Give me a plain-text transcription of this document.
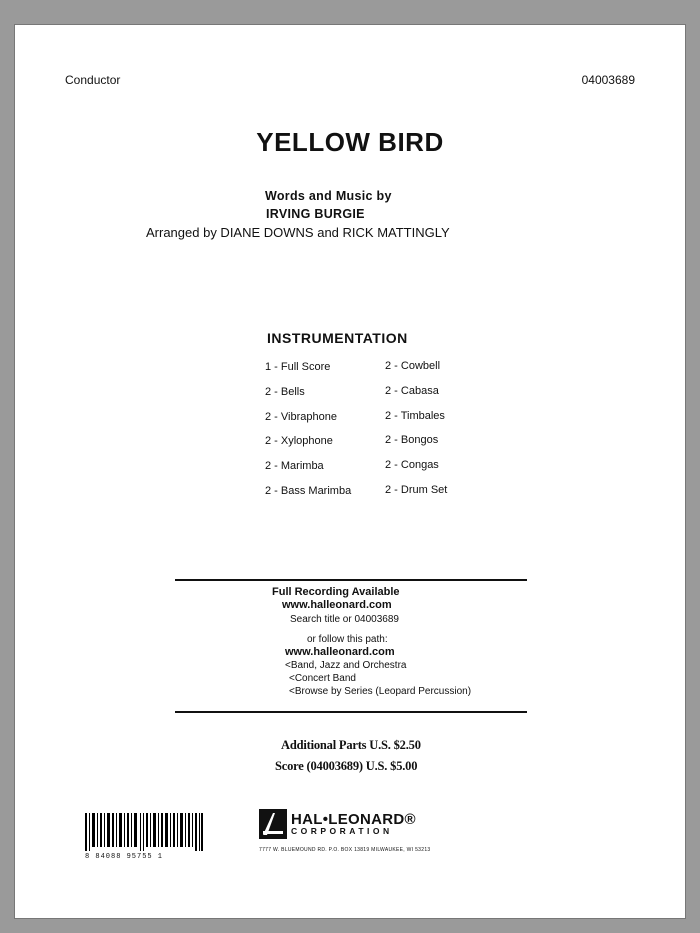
Conductor	04003689
YELLOW BIRD
Words and Music by
IRVING BURGIE
Arranged by DIANE DOWNS and RICK MATTINGLY
INSTRUMENTATION
1 - Full Score
2 - Bells
2 - Vibraphone
2 - Xylophone
2 - Marimba
2 - Bass Marimba
2 - Cowbell
2 - Cabasa
2 - Timbales
2 - Bongos
2 - Congas
2 - Drum Set
Full Recording Available
www.halleonard.com
Search title or 04003689
or follow this path:
www.halleonard.com
<Band, Jazz and Orchestra
<Concert Band
<Browse by Series (Leopard Percussion)
Additional Parts U.S. $2.50
Score (04003689) U.S. $5.00
8 84088 95755 1
HAL•LEONARD®
CORPORATION
7777 W. BLUEMOUND RD. P.O. BOX 13819 MILWAUKEE, WI 53213
